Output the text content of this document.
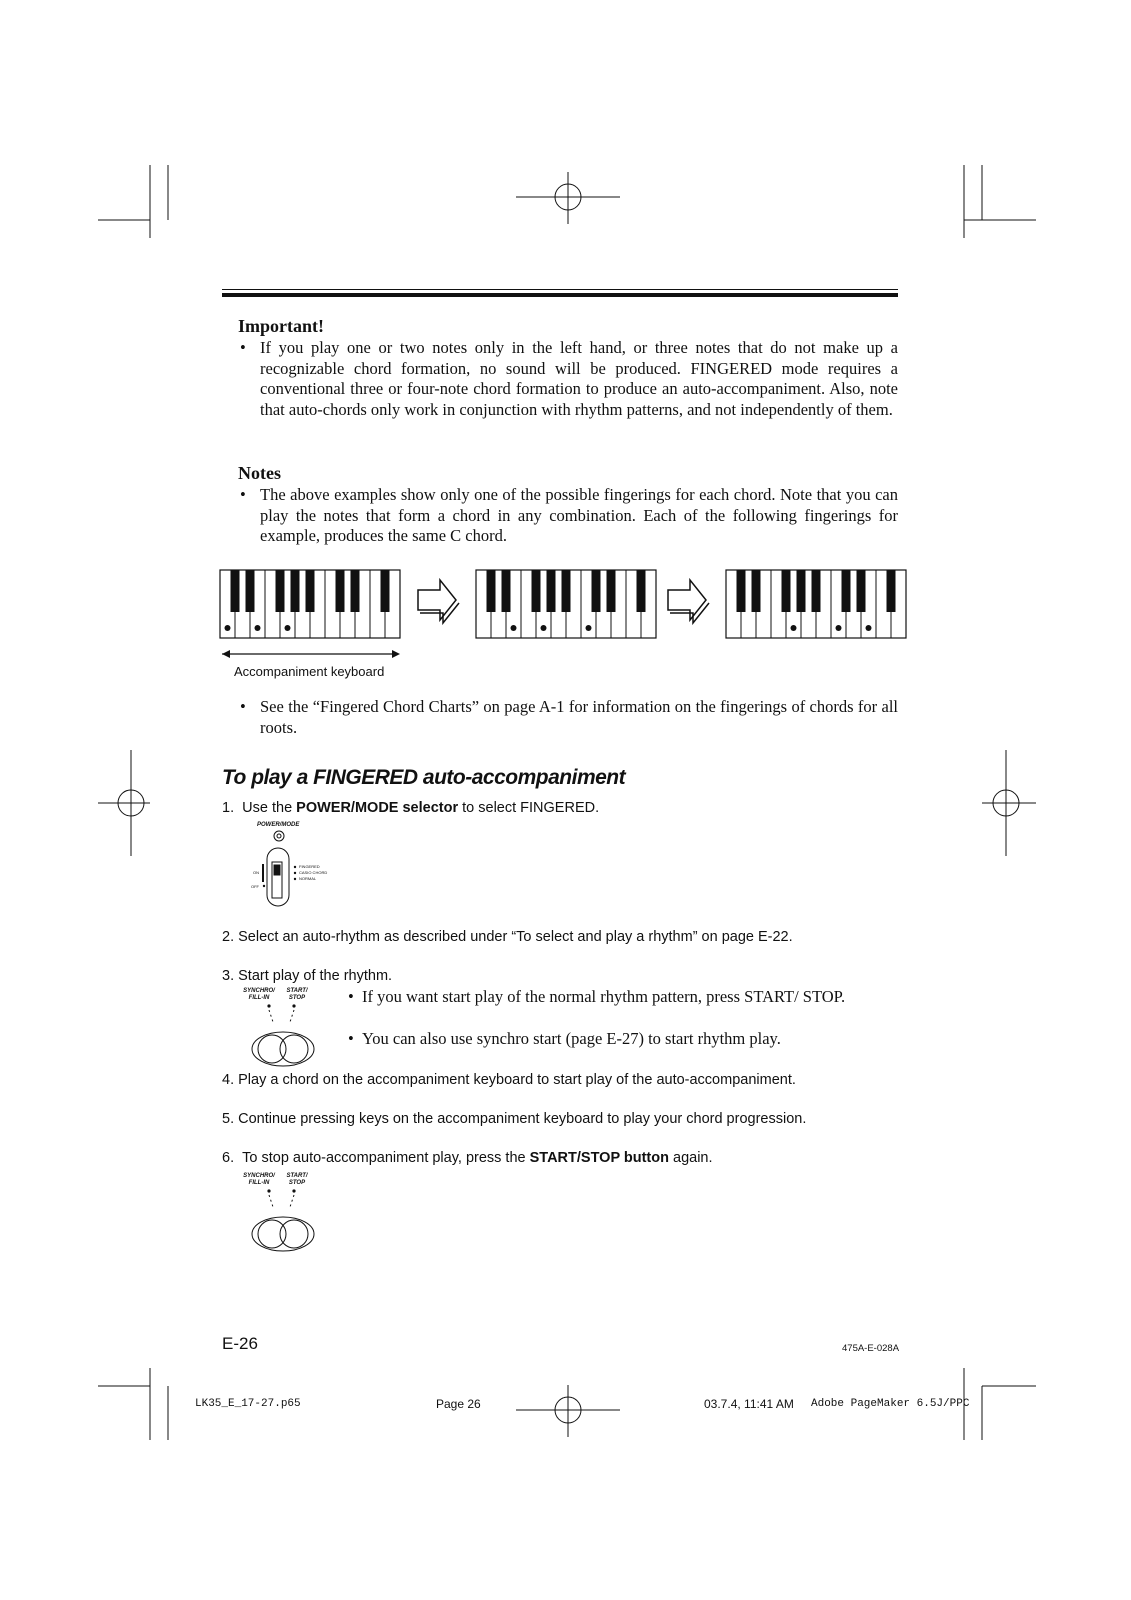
Important!
• If you play one or two notes only in the left hand, or three notes that do not make up a recognizable chord formation, no sound will be produced. FINGERED mode requires a conventional three or four-note chord formation to produce an auto-accompaniment. Also, note that auto-chords only work in conjunction with rhythm patterns, and not independently of them.
Notes
• The above examples show only one of the possible fingerings for each chord. Note that you can play the notes that form a chord in any combination. Each of the following fingerings for example, produces the same C chord.
Accompaniment keyboard
• See the “Fingered Chord Charts” on page A-1 for information on the fingerings of chords for all roots.
To play a FINGERED auto-accompaniment
1. Use the POWER/MODE selector to select FINGERED.
POWER/MODE
ON
OFF
FINGERED
CASIO CHORD
NORMAL
2. Select an auto-rhythm as described under “To select and play a rhythm” on page E-22.
3. Start play of the rhythm.
SYNCHRO/ FILL-IN
START/ STOP	• If you want start play of the normal rhythm pattern, press START/ STOP.
• You can also use synchro start (page E-27) to start rhythm play.
4. Play a chord on the accompaniment keyboard to start play of the auto-accompaniment.
5. Continue pressing keys on the accompaniment keyboard to play your chord progression.
6. To stop auto-accompaniment play, press the START/STOP button again.
SYNCHRO/ FILL-IN
START/ STOP
E-26	475A-E-028A
LK35_E_17-27.p65	Page 26	03.7.4, 11:41 AM Adobe PageMaker 6.5J/PPC
